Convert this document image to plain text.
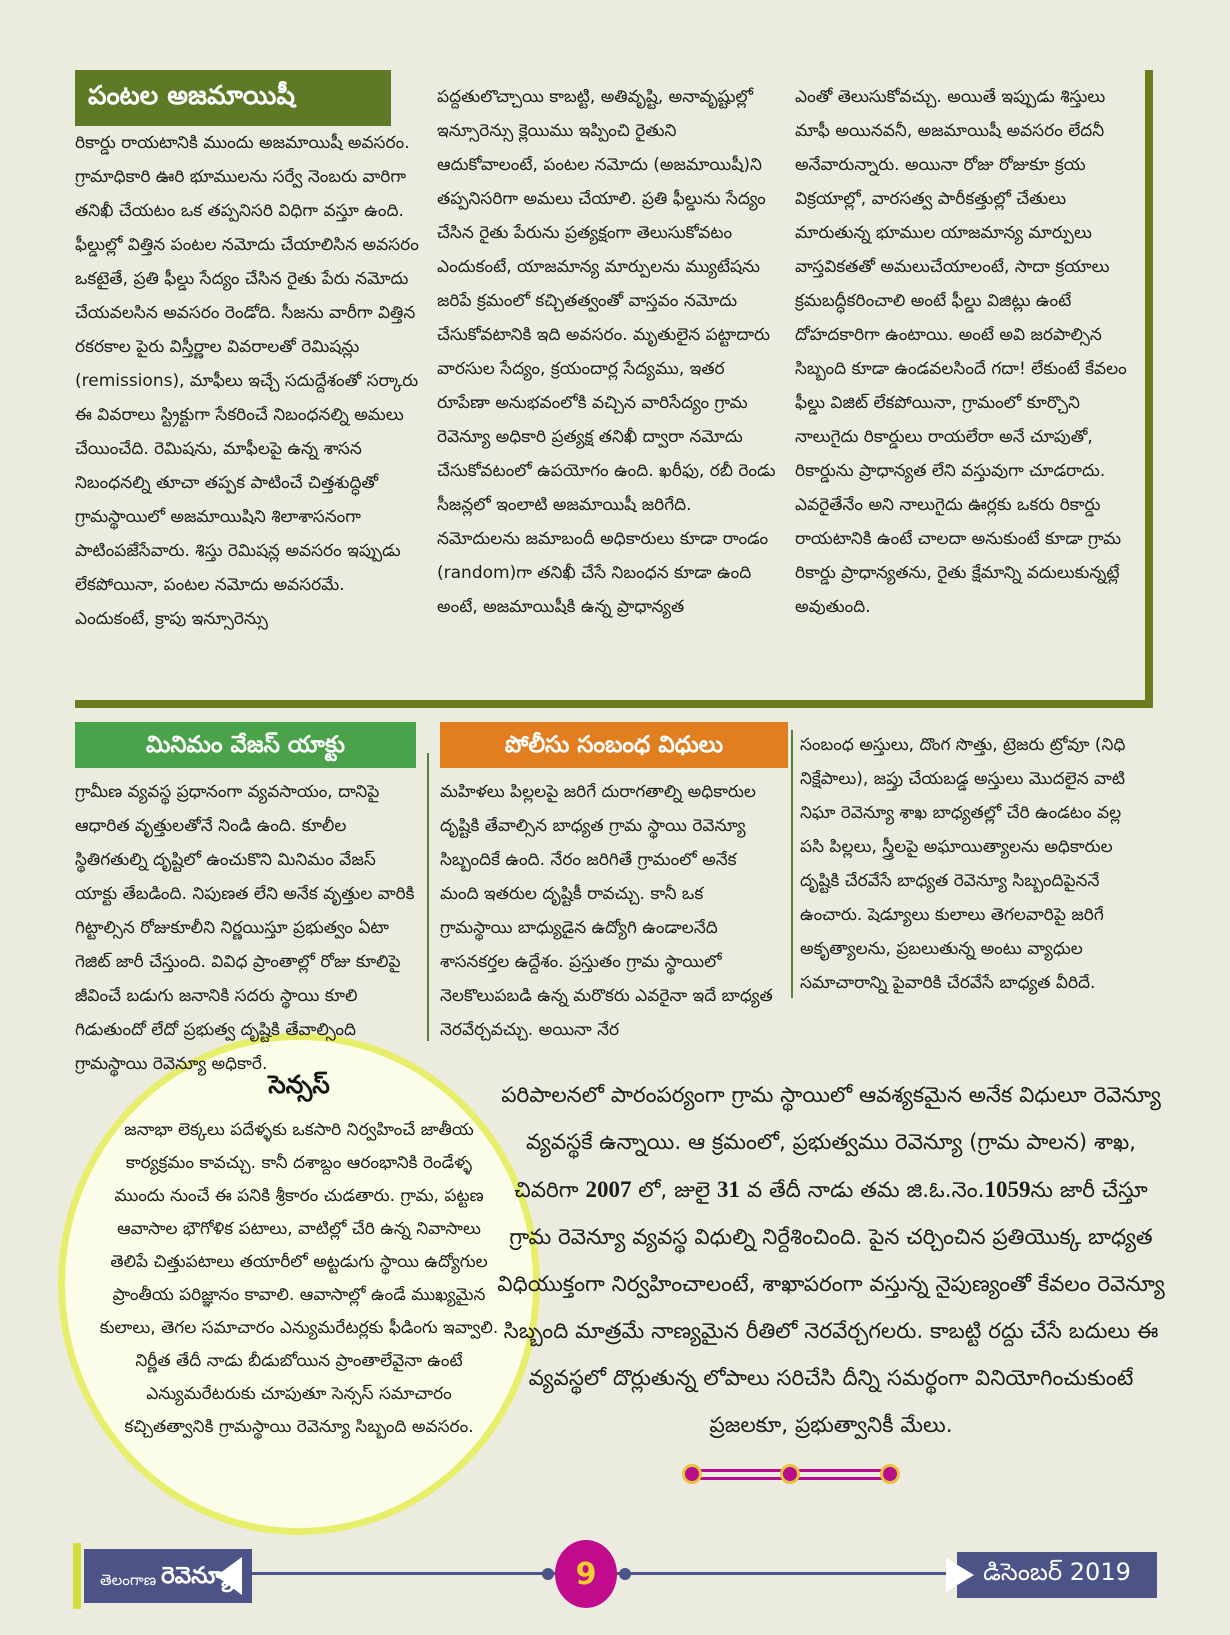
పంటల అజమాయిషీ

రికార్డు రాయటానికి ముందు అజమాయిషీ అవసరం. గ్రామాధికారి ఊరి భూములను సర్వే నెంబరు వారిగా తనిఖీ చేయటం ఒక తప్పనిసరి విధిగా వస్తూ ఉంది. ఫీల్డుల్లో విత్తిన పంటల నమోదు చేయాలిసిన అవసరం ఒకటైతే, ప్రతి ఫీల్డు సేద్యం చేసిన రైతు పేరు నమోదు చేయవలసిన అవసరం రెండోది. సీజను వారీగా విత్తిన రకరకాల పైరు విస్తీర్ణాల వివరాలతో రెమిషన్లు (remissions), మాఫీలు ఇచ్చే సదుద్దేశంతో సర్కారు ఈ వివరాలు స్ట్రిక్టుగా సేకరించే నిబంధనల్ని అమలు చేయించేది. రెమిషను, మాఫీలపై ఉన్న శాసన నిబంధనల్ని తూచా తప్పక పాటించే చిత్తశుద్ధితో గ్రామస్థాయిలో అజమాయిషిని శిలాశాసనంగా పాటింపజేసేవారు. శిస్తు రెమిషన్ల అవసరం ఇప్పుడు లేకపోయినా, పంటల నమోదు అవసరమే. ఎందుకంటే, క్రాపు ఇన్సూరెన్సు

పద్దతులొచ్చాయి కాబట్టి, అతివృష్టి, అనావృష్టుల్లో ఇన్సూరెన్సు క్లెయిము ఇప్పించి రైతుని ఆదుకోవాలంటే, పంటల నమోదు (అజమాయిషీ)ని తప్పనిసరిగా అమలు చేయాలి. ప్రతి ఫీల్డును సేద్యం చేసిన రైతు పేరును ప్రత్యక్షంగా తెలుసుకోవటం ఎందుకంటే, యాజమాన్య మార్పులను మ్యుటేషను జరిపే క్రమంలో కచ్చితత్వంతో వాస్తవం నమోదు చేసుకోవటానికి ఇది అవసరం. మృతులైన పట్టాదారు వారసుల సేద్యం, క్రయందార్ల సేద్యము, ఇతర రూపేణా అనుభవంలోకి వచ్చిన వారిసేద్యం గ్రామ రెవెన్యూ అధికారి ప్రత్యక్ష తనిఖీ ద్వారా నమోదు చేసుకోవటంలో ఉపయోగం ఉంది. ఖరీఫు, రబీ రెండు సీజన్లలో ఇంలాటి అజమాయిషీ జరిగేది. నమోదులను జమాబందీ అధికారులు కూడా రాండం (random)గా తనిఖీ చేసే నిబంధన కూడా ఉంది అంటే, అజమాయిషీకి ఉన్న ప్రాధాన్యత

ఎంతో తెలుసుకోవచ్చు. అయితే ఇప్పుడు శిస్తులు మాఫీ అయినవనీ, అజమాయిషీ అవసరం లేదనీ అనేవారున్నారు. అయినా రోజు రోజుకూ క్రయ విక్రయాల్లో, వారసత్వ పారీకత్తుల్లో చేతులు మారుతున్న భూముల యాజమాన్య మార్పులు వాస్తవికతతో అమలుచేయాలంటే, సాదా క్రయాలు క్రమబద్ధీకరించాలి అంటే ఫీల్డు విజిట్లు ఉంటే దోహదకారిగా ఉంటాయి. అంటే అవి జరపాల్సిన సిబ్బంది కూడా ఉండవలసిందే గదా! లేకుంటే కేవలం ఫీల్డు విజిట్ లేకపోయినా, గ్రామంలో కూర్చొని నాలుగైదు రికార్డులు రాయలేరా అనే చూపుతో, రికార్డును ప్రాధాన్యత లేని వస్తువుగా చూడరాదు. ఎవరైతేనేం అని నాలుగైదు ఊర్లకు ఒకరు రికార్డు రాయటానికి ఉంటే చాలదా అనుకుంటే కూడా గ్రామ రికార్డు ప్రాధాన్యతను, రైతు క్షేమాన్ని వదులుకున్నట్లే అవుతుంది.

మినిమం వేజస్ యాక్టు

గ్రామీణ వ్యవస్థ ప్రధానంగా వ్యవసాయం, దానిపై ఆధారిత వృత్తులతోనే నిండి ఉంది. కూలీల స్థితిగతుల్ని దృష్టిలో ఉంచుకొని మినిమం వేజస్ యాక్టు తేబడింది. నిపుణత లేని అనేక వృత్తుల వారికి గిట్టాల్సిన రోజుకూలీని నిర్ణయిస్తూ ప్రభుత్వం ఏటా గెజిట్ జారీ చేస్తుంది. వివిధ ప్రాంతాల్లో రోజు కూలిపై జీవించే బడుగు జనానికి సదరు స్థాయి కూలి గిడుతుందో లేదో ప్రభుత్వ దృష్టికి తేవాల్సింది గ్రామస్థాయి రెవెన్యూ అధికారే.

పోలీసు సంబంధ విధులు

మహిళలు పిల్లలపై జరిగే దురాగతాల్ని అధికారుల దృష్టికి తేవాల్సిన బాధ్యత గ్రామ స్థాయి రెవెన్యూ సిబ్బందికే ఉంది. నేరం జరిగితే గ్రామంలో అనేక మంది ఇతరుల దృష్టికీ రావచ్చు. కానీ ఒక గ్రామస్థాయి బాధ్యుడైన ఉద్యోగి ఉండాలనేది శాసనకర్తల ఉద్దేశం. ప్రస్తుతం గ్రామ స్థాయిలో నెలకొలుపబడి ఉన్న మరొకరు ఎవరైనా ఇదే బాధ్యత నెరవేర్చవచ్చు. అయినా నేర

సంబంధ అస్తులు, దొంగ సొత్తు, ట్రెజరు ట్రోవూ (నిధి నిక్షేపాలు), జప్తు చేయబడ్డ అస్తులు మొదలైన వాటి నిఘా రెవెన్యూ శాఖ బాధ్యతల్లో చేరి ఉండటం వల్ల పసి పిల్లలు, స్త్రీలపై అఘాయిత్యాలను అధికారుల దృష్టికి చేరవేసే బాధ్యత రెవెన్యూ సిబ్బందిపైననే ఉంచారు. షెడ్యూలు కులాలు తెగలవారిపై జరిగే అకృత్యాలను, ప్రబలుతున్న అంటు వ్యాధుల సమాచారాన్ని పైవారికి చేరవేసే బాధ్యత వీరిదే.

సెన్సస్

జనాభా లెక్కలు పదేళ్ళకు ఒకసారి నిర్వహించే జాతీయ కార్యక్రమం కావచ్చు. కానీ దశాబ్దం ఆరంభానికి రెండేళ్ళ ముందు నుంచే ఈ పనికి శ్రీకారం చుడతారు. గ్రామ, పట్టణ ఆవాసాల భౌగోళిక పటాలు, వాటిల్లో చేరి ఉన్న నివాసాలు తెలిపే చిత్తుపటాలు తయారీలో అట్టడుగు స్థాయి ఉద్యోగుల ప్రాంతీయ పరిజ్ఞానం కావాలి. ఆవాసాల్లో ఉండే ముఖ్యమైన కులాలు, తెగల సమాచారం ఎన్యుమరేటర్లకు ఫీడింగు ఇవ్వాలి. నిర్ణీత తేదీ నాడు బీడుబోయిన ప్రాంతాలేవైనా ఉంటే ఎన్యుమరేటరుకు చూపుతూ సెన్సస్ సమాచారం కచ్చితత్వానికి గ్రామస్థాయి రెవెన్యూ సిబ్బంది అవసరం.

పరిపాలనలో పారంపర్యంగా గ్రామ స్థాయిలో ఆవశ్యకమైన అనేక విధులూ రెవెన్యూ వ్యవస్థకే ఉన్నాయి. ఆ క్రమంలో, ప్రభుత్వము రెవెన్యూ (గ్రామ పాలన) శాఖ, చివరిగా 2007 లో, జులై 31 వ తేదీ నాడు తమ జి.ఓ.నెం.1059ను జారీ చేస్తూ గ్రామ రెవెన్యూ వ్యవస్థ విధుల్ని నిర్దేశించింది. పైన చర్చించిన ప్రతియొక్క బాధ్యత విధియుక్తంగా నిర్వహించాలంటే, శాఖాపరంగా వస్తున్న నైపుణ్యంతో కేవలం రెవెన్యూ సిబ్బంది మాత్రమే నాణ్యమైన రీతిలో నెరవేర్చగలరు. కాబట్టి రద్దు చేసే బదులు ఈ వ్యవస్థలో దొర్లుతున్న లోపాలు సరిచేసి దీన్ని సమర్థంగా వినియోగించుకుంటే ప్రజలకూ, ప్రభుత్వానికీ మేలు.

తెలంగాణ రెవెన్యూ	9	డిసెంబర్ 2019
